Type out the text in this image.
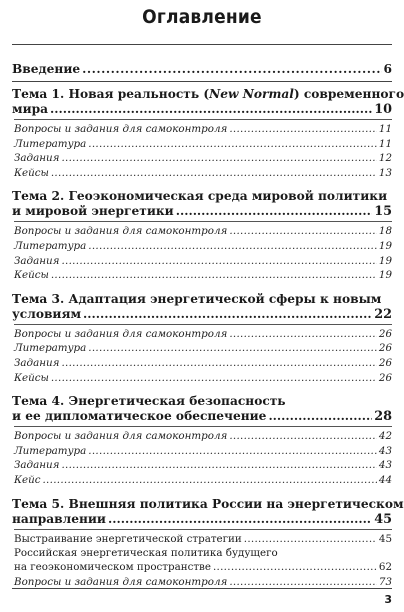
Оглавление
Введение .....	6
Тема 1. Новая реальность (New Normal) современного
мира .....	10
Вопросы и задания для самоконтроля .....	11
Литература .....	11
Задания .....	12
Кейсы .....	13
Тема 2. Геоэкономическая среда мировой политики
и мировой энергетики .....	15
Вопросы и задания для самоконтроля .....	18
Литература .....	19
Задания .....	19
Кейсы .....	19
Тема 3. Адаптация энергетической сферы к новым
условиям .....	22
Вопросы и задания для самоконтроля .....	26
Литература .....	26
Задания .....	26
Кейсы .....	26
Тема 4. Энергетическая безопасность
и ее дипломатическое обеспечение .....	28
Вопросы и задания для самоконтроля .....	42
Литература .....	43
Задания .....	43
Кейс .....	44
Тема 5. Внешняя политика России на энергетическом
направлении .....	45
Выстраивание энергетической стратегии .....	45
Российская энергетическая политика будущего
на геоэкономическом пространстве .....	62
Вопросы и задания для самоконтроля .....	73
3
